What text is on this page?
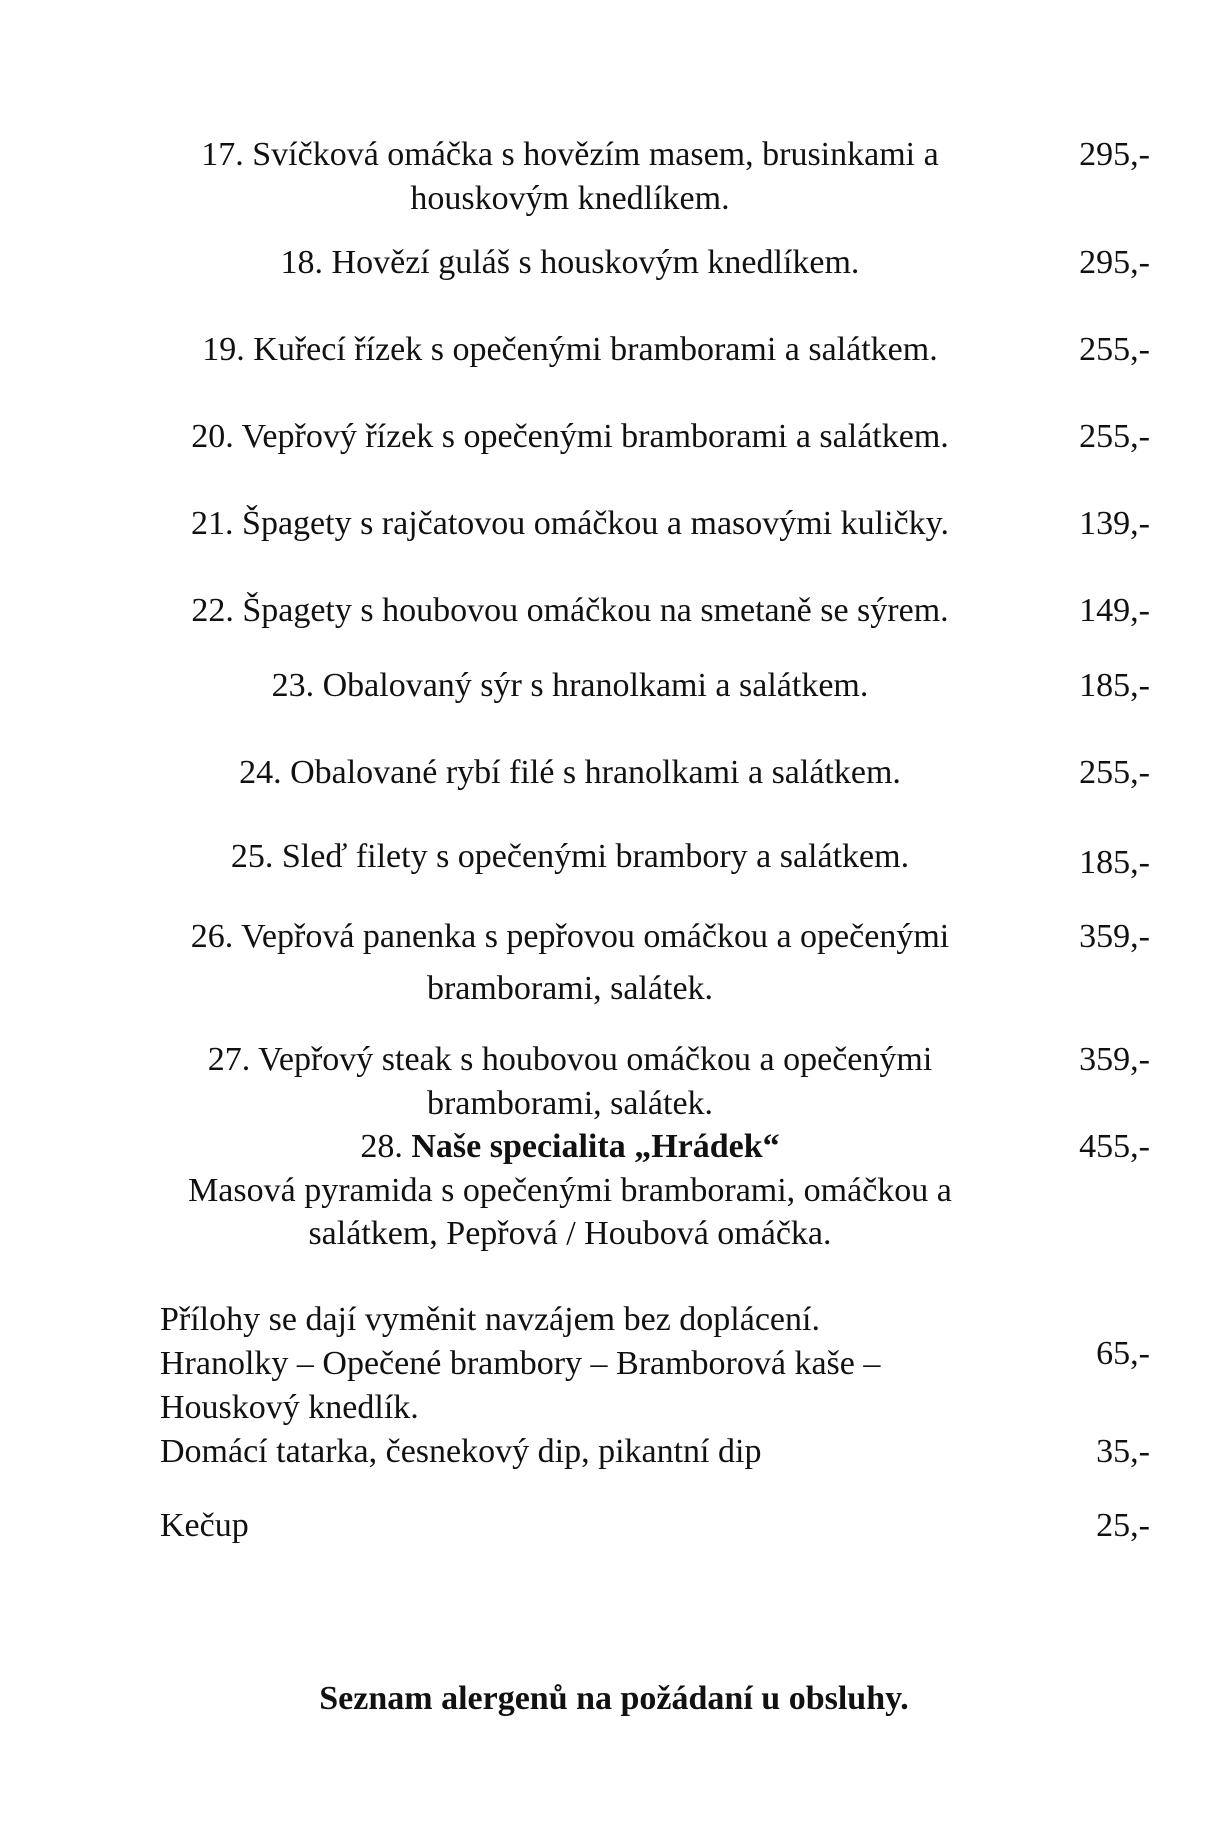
17. Svíčková omáčka s hovězím masem, brusinkami a
houskovým knedlíkem.
295,-
18. Hovězí guláš s houskovým knedlíkem.	295,-
19. Kuřecí řízek s opečenými bramborami a salátkem.	255,-
20. Vepřový řízek s opečenými bramborami a salátkem.	255,-
21. Špagety s rajčatovou omáčkou a masovými kuličky.	139,-
22. Špagety s houbovou omáčkou na smetaně se sýrem.	149,-
23. Obalovaný sýr s hranolkami a salátkem.	185,-
24. Obalované rybí filé s hranolkami a salátkem.	255,-
25. Sleď filety s opečenými brambory a salátkem.	185,-
26. Vepřová panenka s pepřovou omáčkou a opečenými
bramborami, salátek.
359,-
27. Vepřový steak s houbovou omáčkou a opečenými
bramborami, salátek.
359,-
28. Naše specialita „Hrádek“
Masová pyramida s opečenými bramborami, omáčkou a
salátkem, Pepřová / Houbová omáčka.
455,-
Přílohy se dají vyměnit navzájem bez doplácení.
Hranolky – Opečené brambory – Bramborová kaše –
Houskový knedlík.
65,-
Domácí tatarka, česnekový dip, pikantní dip	35,-
Kečup	25,-
Seznam alergenů na požádaní u obsluhy.
